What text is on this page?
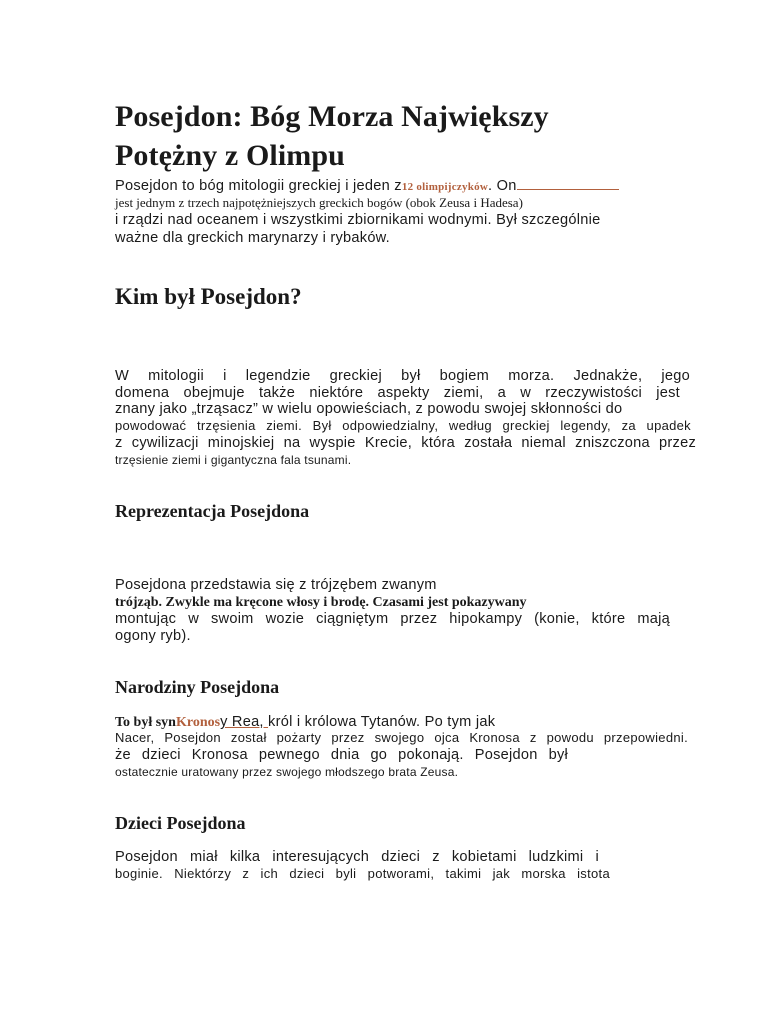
Posejdon: Bóg Morza Największy
Potężny z Olimpu
Posejdon to bóg mitologii greckiej i jeden z12 olimpijczyków. On
jest jednym z trzech najpotężniejszych greckich bogów (obok Zeusa i Hadesa)
i rządzi nad oceanem i wszystkimi zbiornikami wodnymi. Był szczególnie
ważne dla greckich marynarzy i rybaków.
Kim był Posejdon?
W mitologii i legendzie greckiej był bogiem morza. Jednakże, jego
domena obejmuje także niektóre aspekty ziemi, a w rzeczywistości jest
znany jako „trząsacz” w wielu opowieściach, z powodu swojej skłonności do
powodować trzęsienia ziemi. Był odpowiedzialny, według greckiej legendy, za upadek
z cywilizacji minojskiej na wyspie Krecie, która została niemal zniszczona przez
trzęsienie ziemi i gigantyczna fala tsunami.
Reprezentacja Posejdona
Posejdona przedstawia się z trójzębem zwanym
trójząb. Zwykle ma kręcone włosy i brodę. Czasami jest pokazywany
montując w swoim wozie ciągniętym przez hipokampy (konie, które mają
ogony ryb).
Narodziny Posejdona
To był synKronosy Rea, król i królowa Tytanów. Po tym jak
Nacer, Posejdon został pożarty przez swojego ojca Kronosa z powodu przepowiedni.
że dzieci Kronosa pewnego dnia go pokonają. Posejdon był
ostatecznie uratowany przez swojego młodszego brata Zeusa.
Dzieci Posejdona
Posejdon miał kilka interesujących dzieci z kobietami ludzkimi i
boginie. Niektórzy z ich dzieci byli potworami, takimi jak morska istota
